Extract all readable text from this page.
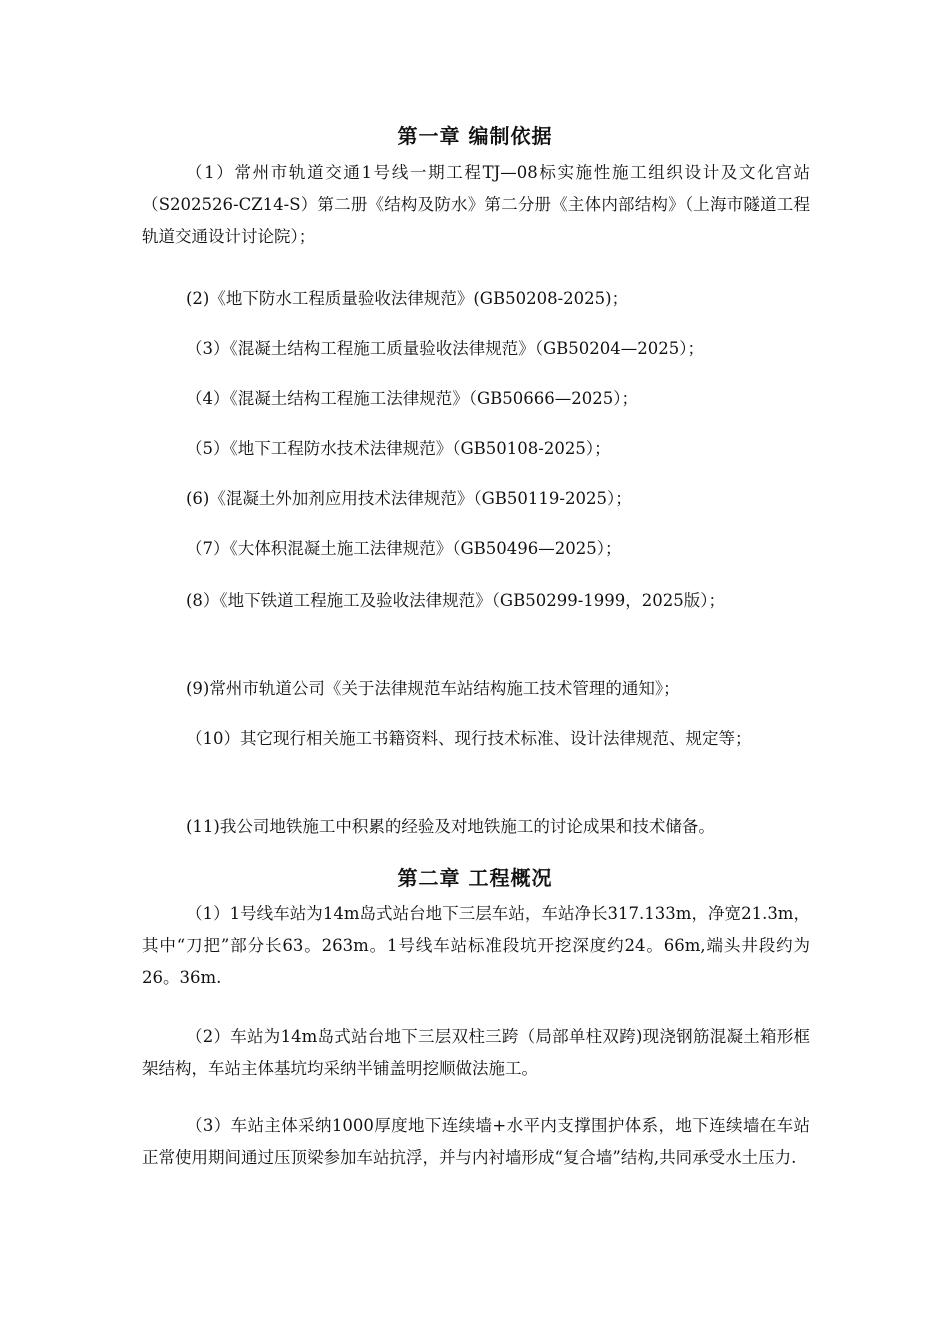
第一章 编制依据
（1）常州市轨道交通1号线一期工程TJ—08标实施性施工组织设计及文化宫站（S202526-CZ14-S）第二册《结构及防水》第二分册《主体内部结构》（上海市隧道工程轨道交通设计讨论院）；
(2)《地下防水工程质量验收法律规范》(GB50208-2025)；
（3）《混凝土结构工程施工质量验收法律规范》（GB50204—2025）；
（4）《混凝土结构工程施工法律规范》（GB50666—2025）；
（5）《地下工程防水技术法律规范》（GB50108-2025）；
(6)《混凝土外加剂应用技术法律规范》（GB50119-2025）；
（7）《大体积混凝土施工法律规范》（GB50496—2025）；
(8）《地下铁道工程施工及验收法律规范》（GB50299-1999，2025版）；
(9)常州市轨道公司《关于法律规范车站结构施工技术管理的通知》；
（10）其它现行相关施工书籍资料、现行技术标准、设计法律规范、规定等；
(11)我公司地铁施工中积累的经验及对地铁施工的讨论成果和技术储备。
第二章 工程概况
（1）1号线车站为14m岛式站台地下三层车站，车站净长317.133m，净宽21.3m，其中“刀把”部分长63。263m。1号线车站标准段坑开挖深度约24。66m,端头井段约为26。36m.
（2）车站为14m岛式站台地下三层双柱三跨（局部单柱双跨)现浇钢筋混凝土箱形框架结构，车站主体基坑均采纳半铺盖明挖顺做法施工。
（3）车站主体采纳1000厚度地下连续墙+水平内支撑围护体系，地下连续墙在车站正常使用期间通过压顶梁参加车站抗浮，并与内衬墙形成“复合墙”结构,共同承受水土压力.
